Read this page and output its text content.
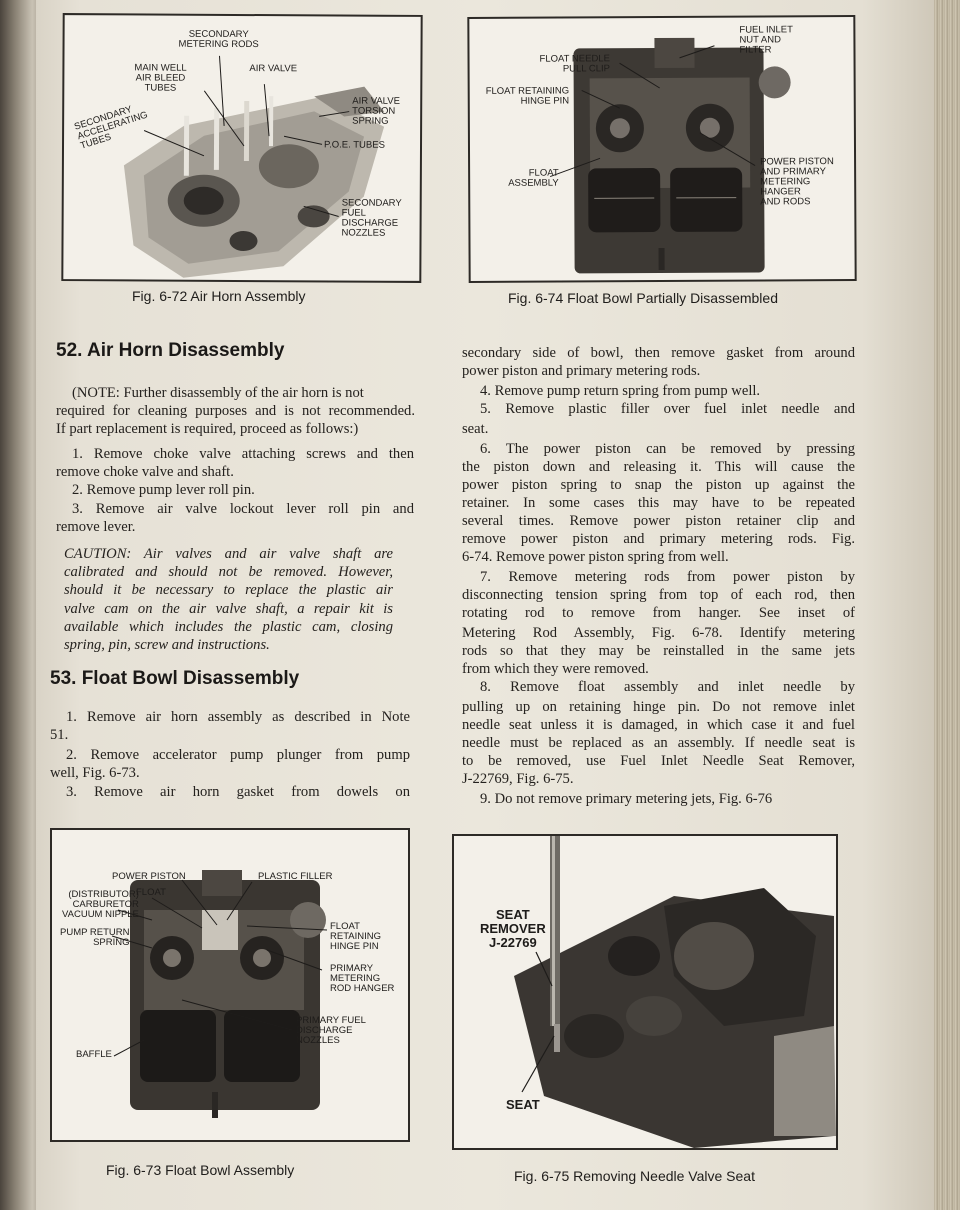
SECONDARY
METERING RODS
MAIN WELL
AIR BLEED
TUBES
AIR VALVE
SECONDARY
ACCELERATING
TUBES
AIR VALVE
TORSION
SPRING
P.O.E. TUBES
SECONDARY
FUEL
DISCHARGE
NOZZLES
Fig. 6-72 Air Horn Assembly
FUEL INLET
NUT AND
FILTER
FLOAT NEEDLE
PULL CLIP
FLOAT RETAINING
HINGE PIN
FLOAT
ASSEMBLY
POWER PISTON
AND PRIMARY
METERING
HANGER
AND RODS
Fig. 6-74 Float Bowl Partially Disassembled
52. Air Horn Disassembly
(NOTE: Further disassembly of the air horn is not
required for cleaning purposes and is not recommended.
If part replacement is required, proceed as follows:)
1. Remove choke valve attaching screws and then
remove choke valve and shaft.
2. Remove pump lever roll pin.
3. Remove air valve lockout lever roll pin and
remove lever.
CAUTION: Air valves and air valve shaft are
calibrated and should not be removed. However,
should it be necessary to replace the plastic air
valve cam on the air valve shaft, a repair kit is
available which includes the plastic cam, closing
spring, pin, screw and instructions.
53. Float Bowl Disassembly
1. Remove air horn assembly as described in Note
51.
2. Remove accelerator pump plunger from pump
well, Fig. 6-73.
3. Remove air horn gasket from dowels on
secondary side of bowl, then remove gasket from around
power piston and primary metering rods.
4. Remove pump return spring from pump well.
5. Remove plastic filler over fuel inlet needle and
seat.
6. The power piston can be removed by pressing
the piston down and releasing it. This will cause the
power piston spring to snap the piston up against the
retainer. In some cases this may have to be repeated
several times. Remove power piston retainer clip and
remove power piston and primary metering rods. Fig.
6-74. Remove power piston spring from well.
7. Remove metering rods from power piston by
disconnecting tension spring from top of each rod, then
rotating rod to remove from hanger. See inset of
Metering Rod Assembly, Fig. 6-78. Identify metering
rods so that they may be reinstalled in the same jets
from which they were removed.
8. Remove float assembly and inlet needle by
pulling up on retaining hinge pin. Do not remove inlet
needle seat unless it is damaged, in which case it and fuel
needle must be replaced as an assembly. If needle seat is
to be removed, use Fuel Inlet Needle Seat Remover,
J-22769, Fig. 6-75.
9. Do not remove primary metering jets, Fig. 6-76
POWER PISTON	PLASTIC FILLER
FLOAT
(DISTRIBUTOR)
CARBURETOR
VACUUM NIPPLE
PUMP RETURN
SPRING
FLOAT
RETAINING
HINGE PIN
PRIMARY
METERING
ROD HANGER
PRIMARY FUEL
DISCHARGE
NOZZLES
BAFFLE
Fig. 6-73 Float Bowl Assembly
SEAT
REMOVER
J-22769
SEAT
Fig. 6-75 Removing Needle Valve Seat
